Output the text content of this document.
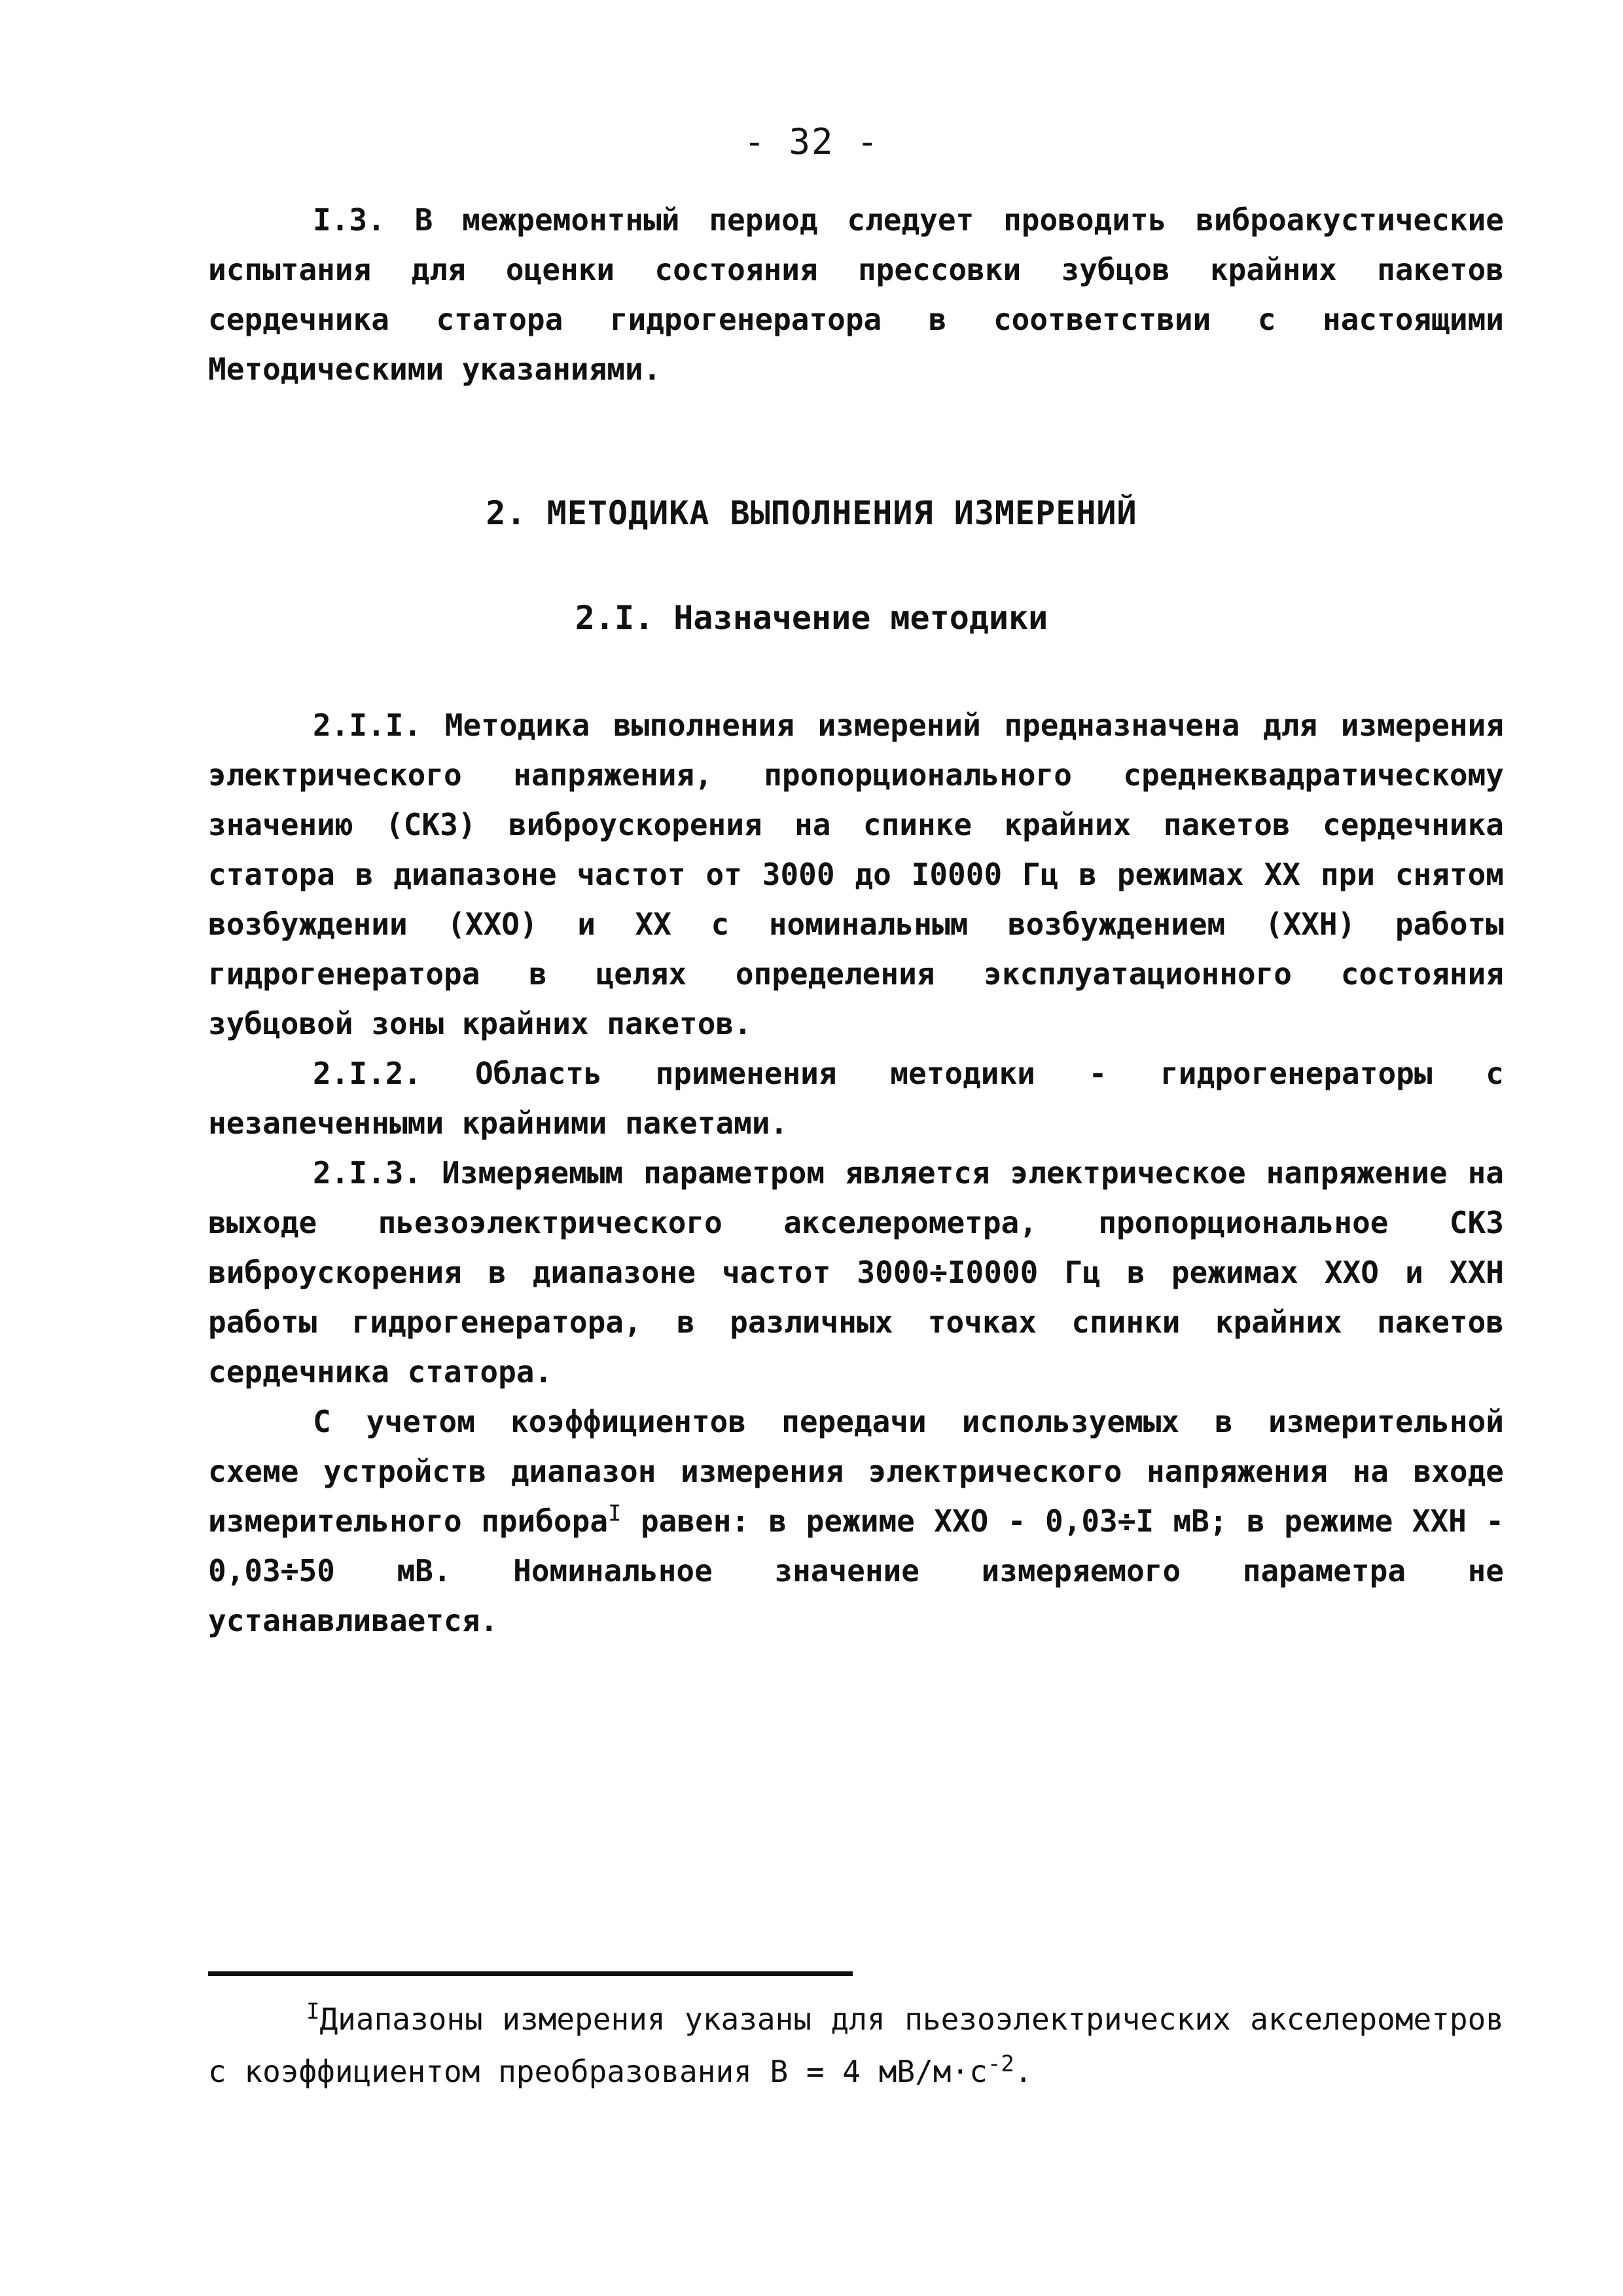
- 32 -

I.3. В межремонтный период следует проводить виброакустические испытания для оценки состояния прессовки зубцов крайних пакетов сердечника статора гидрогенератора в соответствии с настоящими Методическими указаниями.

2. МЕТОДИКА ВЫПОЛНЕНИЯ ИЗМЕРЕНИЙ
2.I. Назначение методики

2.I.I. Методика выполнения измерений предназначена для измерения электрического напряжения, пропорционального среднеквадратическому значению (СКЗ) виброускорения на спинке крайних пакетов сердечника статора в диапазоне частот от 3000 до I0000 Гц в режимах ХХ при снятом возбуждении (ХХО) и ХХ с номинальным возбуждением (ХХН) работы гидрогенератора в целях определения эксплуатационного состояния зубцовой зоны крайних пакетов.

2.I.2. Область применения методики - гидрогенераторы с незапеченными крайними пакетами.

2.I.3. Измеряемым параметром является электрическое напряжение на выходе пьезоэлектрического акселерометра, пропорциональное СКЗ виброускорения в диапазоне частот 3000÷I0000 Гц в режимах ХХО и ХХН работы гидрогенератора, в различных точках спинки крайних пакетов сердечника статора.

С учетом коэффициентов передачи используемых в измерительной схеме устройств диапазон измерения электрического напряжения на входе измерительного прибора$^I$ равен: в режиме ХХО - 0,03÷I мВ; в режиме ХХН - 0,03÷50 мВ. Номинальное значение измеряемого параметра не устанавливается.

$^I$Диапазоны измерения указаны для пьезоэлектрических акселерометров с коэффициентом преобразования В = 4 $мВ/м\cdot с^{-2}$.
